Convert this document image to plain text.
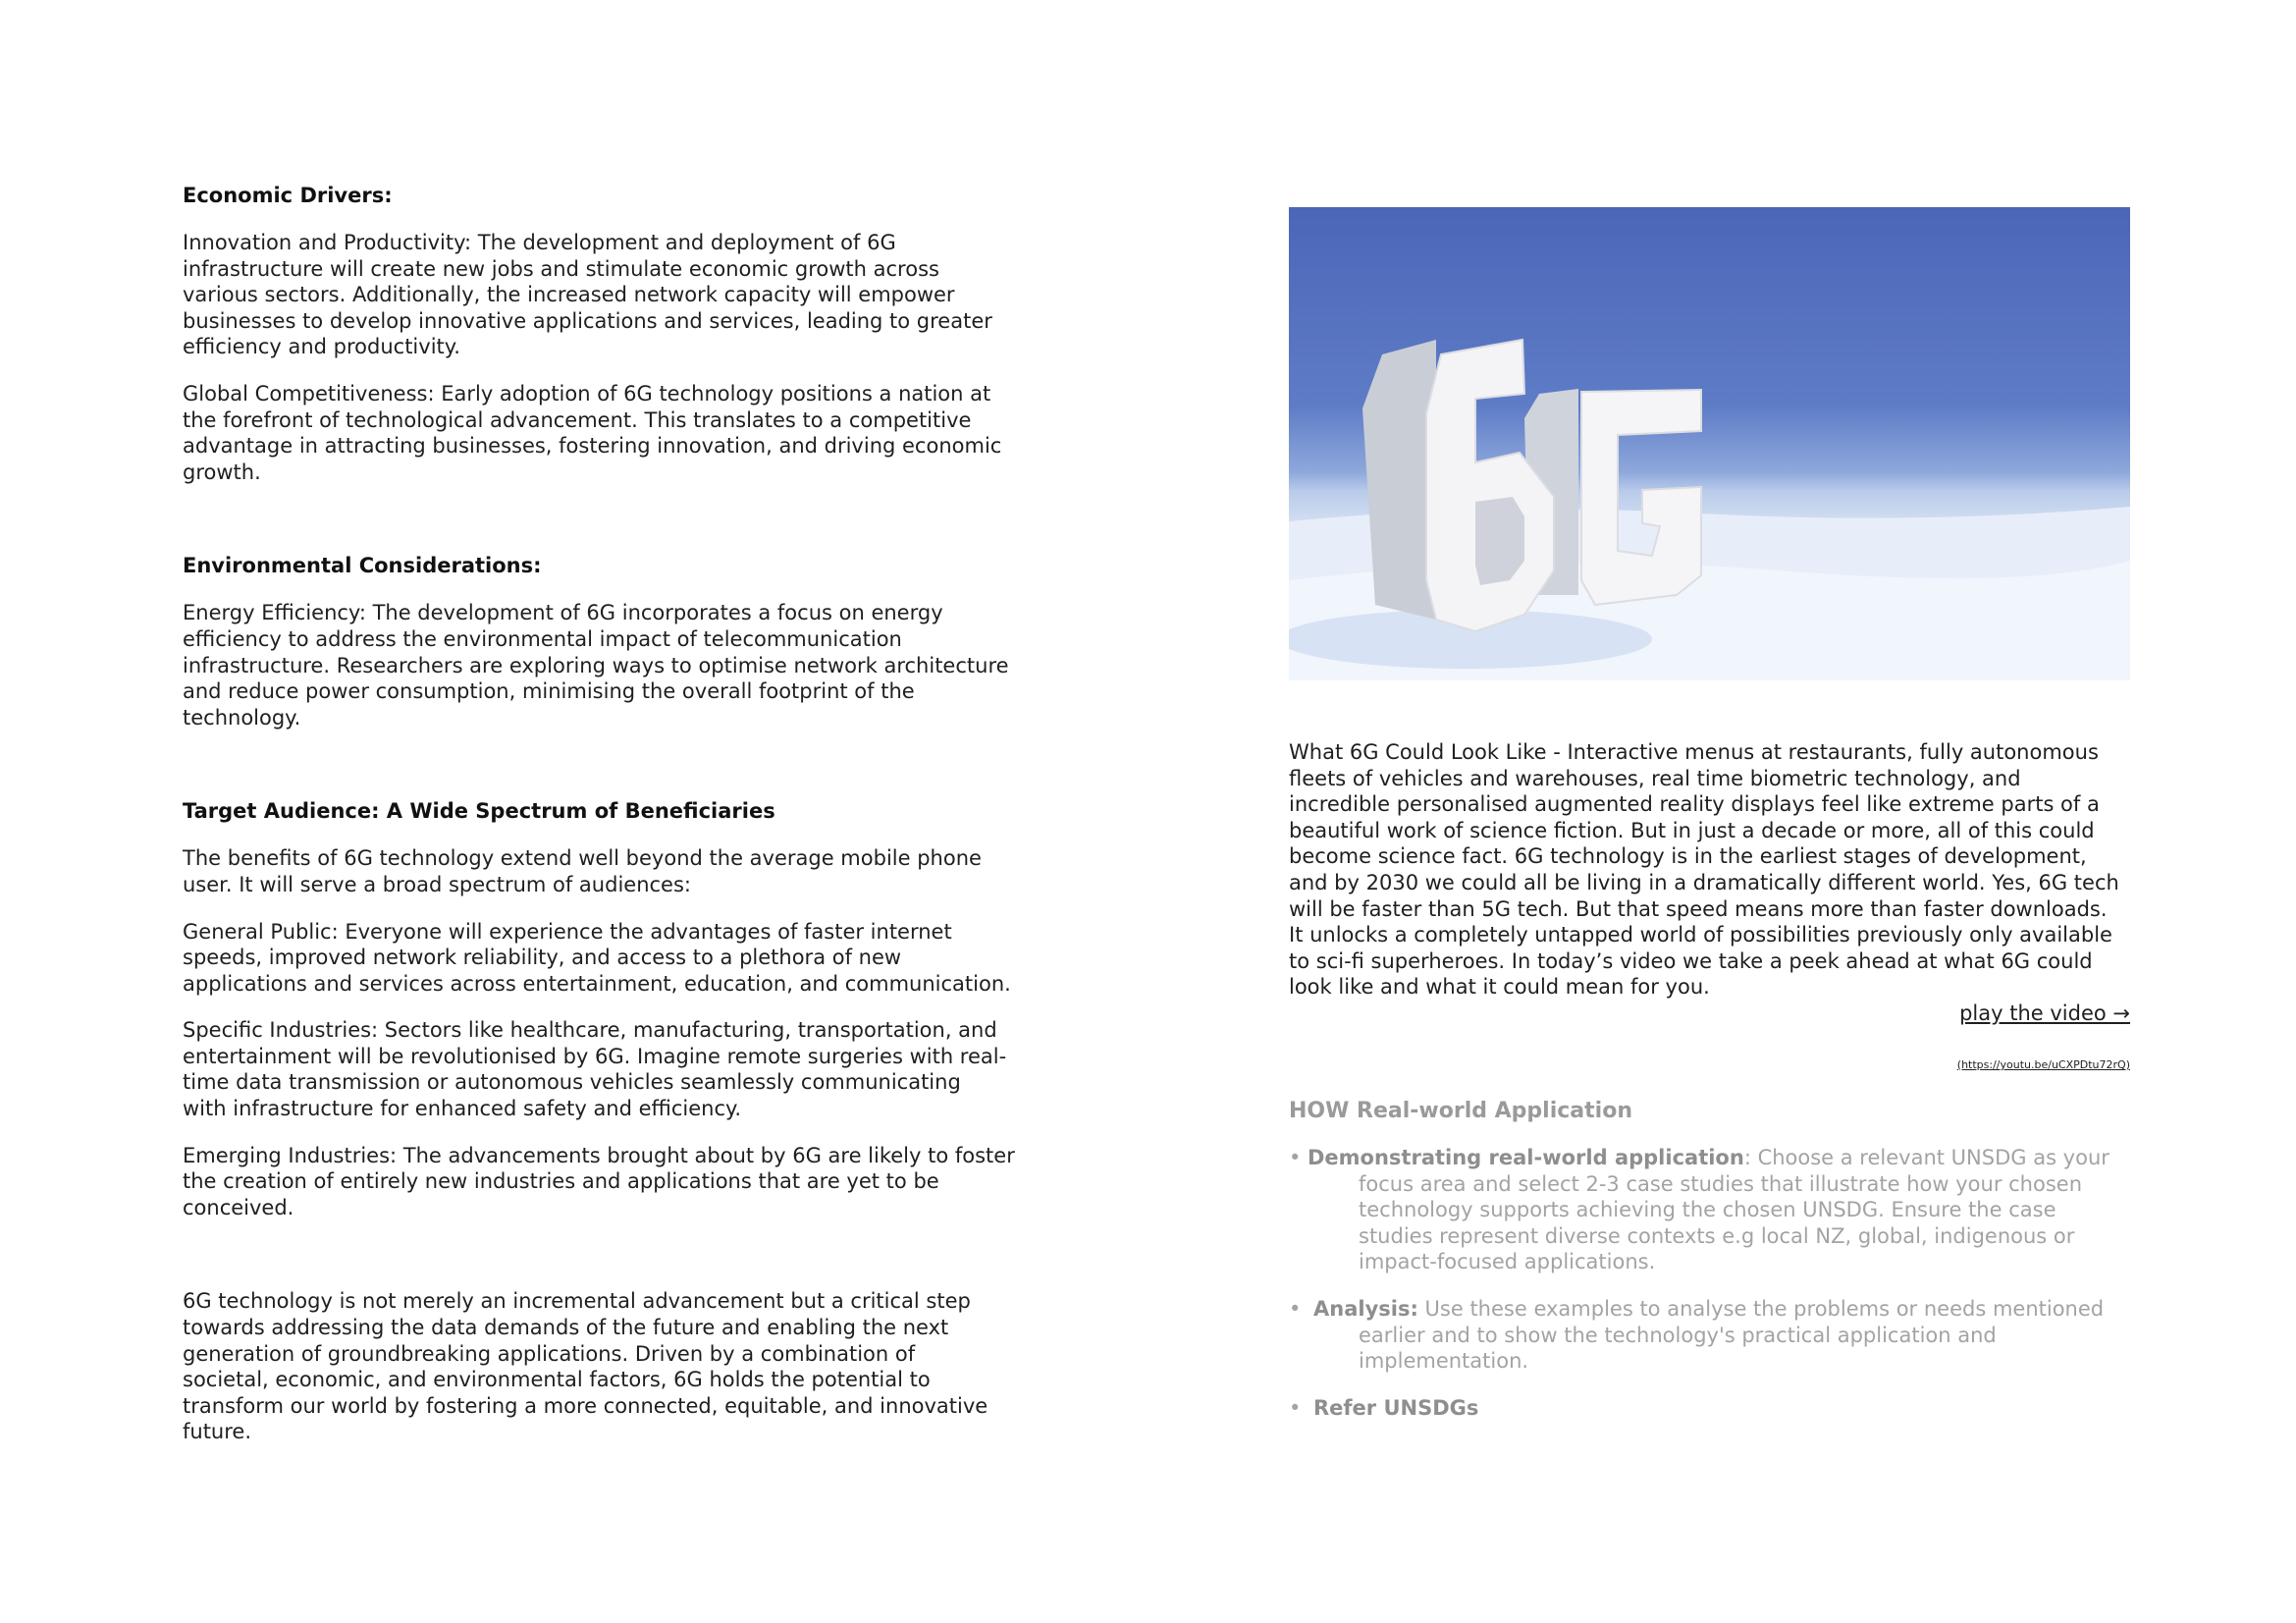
Economic Drivers:

Innovation and Productivity: The development and deployment of 6G

infrastructure will create new jobs and stimulate economic growth across

various sectors. Additionally, the increased network capacity will empower

businesses to develop innovative applications and services, leading to greater

efficiency and productivity.

Global Competitiveness: Early adoption of 6G technology positions a nation at

the forefront of technological advancement. This translates to a competitive

advantage in attracting businesses, fostering innovation, and driving economic

growth.

Environmental Considerations:

Energy Efficiency: The development of 6G incorporates a focus on energy

efficiency to address the environmental impact of telecommunication

infrastructure. Researchers are exploring ways to optimise network architecture

and reduce power consumption, minimising the overall footprint of the

technology.

Target Audience: A Wide Spectrum of Beneficiaries

The benefits of 6G technology extend well beyond the average mobile phone

user. It will serve a broad spectrum of audiences:

General Public: Everyone will experience the advantages of faster internet

speeds, improved network reliability, and access to a plethora of new

applications and services across entertainment, education, and communication.

Specific Industries: Sectors like healthcare, manufacturing, transportation, and

entertainment will be revolutionised by 6G. Imagine remote surgeries with real-

time data transmission or autonomous vehicles seamlessly communicating

with infrastructure for enhanced safety and efficiency.

Emerging Industries: The advancements brought about by 6G are likely to foster

the creation of entirely new industries and applications that are yet to be

conceived.

6G technology is not merely an incremental advancement but a critical step

towards addressing the data demands of the future and enabling the next

generation of groundbreaking applications. Driven by a combination of

societal, economic, and environmental factors, 6G holds the potential to

transform our world by fostering a more connected, equitable, and innovative

future.

What 6G Could Look Like - Interactive menus at restaurants, fully autonomous

fleets of vehicles and warehouses, real time biometric technology, and

incredible personalised augmented reality displays feel like extreme parts of a

beautiful work of science fiction. But in just a decade or more, all of this could

become science fact. 6G technology is in the earliest stages of development,

and by 2030 we could all be living in a dramatically different world. Yes, 6G tech

will be faster than 5G tech. But that speed means more than faster downloads.

It unlocks a completely untapped world of possibilities previously only available

to sci-fi superheroes. In today’s video we take a peek ahead at what 6G could

look like and what it could mean for you.

play the video →
(https://youtu.be/uCXPDtu72rQ)

HOW Real-world Application

• Demonstrating real-world application: Choose a relevant UNSDG as your
focus area and select 2-3 case studies that illustrate how your chosen
technology supports achieving the chosen UNSDG. Ensure the case
studies represent diverse contexts e.g local NZ, global, indigenous or
impact-focused applications.
• Analysis: Use these examples to analyse the problems or needs mentioned
earlier and to show the technology's practical application and
implementation.
• Refer UNSDGs
